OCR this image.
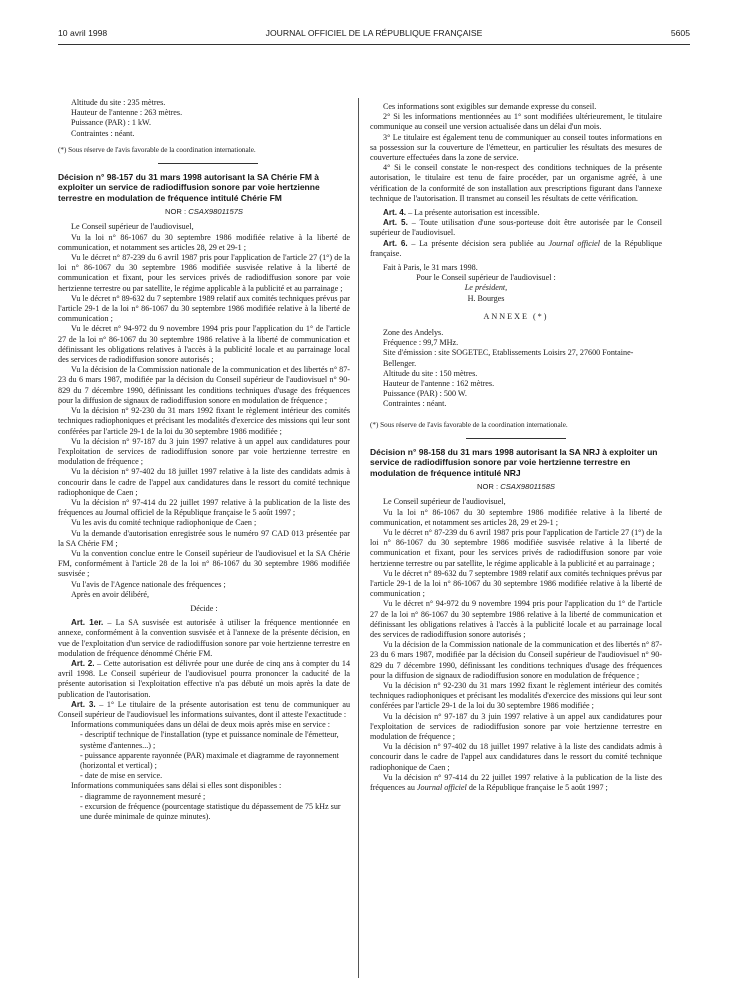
10 avril 1998	JOURNAL OFFICIEL DE LA RÉPUBLIQUE FRANÇAISE	5605
Altitude du site : 235 mètres.
Hauteur de l'antenne : 263 mètres.
Puissance (PAR) : 1 kW.
Contraintes : néant.

(*) Sous réserve de l'avis favorable de la coordination internationale.

Décision n° 98-157 du 31 mars 1998 autorisant la SA Chérie FM à exploiter un service de radiodiffusion sonore par voie hertzienne terrestre en modulation de fréquence intitulé Chérie FM

NOR : CSAX9801157S

Le Conseil supérieur de l'audiovisuel,

Vu la loi n° 86-1067 du 30 septembre 1986 modifiée relative à la liberté de communication, et notamment ses articles 28, 29 et 29-1 ;

Vu le décret n° 87-239 du 6 avril 1987 pris pour l'application de l'article 27 (1°) de la loi n° 86-1067 du 30 septembre 1986 modifiée susvisée relative à la liberté de communication et fixant, pour les services privés de radiodiffusion sonore par voie hertzienne terrestre ou par satellite, le régime applicable à la publicité et au parrainage ;

Vu le décret n° 89-632 du 7 septembre 1989 relatif aux comités techniques prévus par l'article 29-1 de la loi n° 86-1067 du 30 septembre 1986 modifiée relative à la liberté de communication ;

Vu le décret n° 94-972 du 9 novembre 1994 pris pour l'application du 1° de l'article 27 de la loi n° 86-1067 du 30 septembre 1986 relative à la liberté de communication et définissant les obligations relatives à l'accès à la publicité locale et au parrainage local des services de radiodiffusion sonore autorisés ;

Vu la décision de la Commission nationale de la communication et des libertés n° 87-23 du 6 mars 1987, modifiée par la décision du Conseil supérieur de l'audiovisuel n° 90-829 du 7 décembre 1990, définissant les conditions techniques d'usage des fréquences pour la diffusion de signaux de radiodiffusion sonore en modulation de fréquence ;

Vu la décision n° 92-230 du 31 mars 1992 fixant le règlement intérieur des comités techniques radiophoniques et précisant les modalités d'exercice des missions qui leur sont conférées par l'article 29-1 de la loi du 30 septembre 1986 modifiée ;

Vu la décision n° 97-187 du 3 juin 1997 relative à un appel aux candidatures pour l'exploitation de services de radiodiffusion sonore par voie hertzienne terrestre en modulation de fréquence ;

Vu la décision n° 97-402 du 18 juillet 1997 relative à la liste des candidats admis à concourir dans le cadre de l'appel aux candidatures dans le ressort du comité technique radiophonique de Caen ;

Vu la décision n° 97-414 du 22 juillet 1997 relative à la publication de la liste des fréquences au Journal officiel de la République française le 5 août 1997 ;

Vu les avis du comité technique radiophonique de Caen ;

Vu la demande d'autorisation enregistrée sous le numéro 97 CAD 013 présentée par la SA Chérie FM ;

Vu la convention conclue entre le Conseil supérieur de l'audiovisuel et la SA Chérie FM, conformément à l'article 28 de la loi n° 86-1067 du 30 septembre 1986 modifiée susvisée ;

Vu l'avis de l'Agence nationale des fréquences ;

Après en avoir délibéré,

Décide :

Art. 1er. – La SA susvisée est autorisée à utiliser la fréquence mentionnée en annexe, conformément à la convention susvisée et à l'annexe de la présente décision, en vue de l'exploitation d'un service de radiodiffusion sonore par voie hertzienne terrestre en modulation de fréquence dénommé Chérie FM.

Art. 2. – Cette autorisation est délivrée pour une durée de cinq ans à compter du 14 avril 1998. Le Conseil supérieur de l'audiovisuel pourra prononcer la caducité de la présente autorisation si l'exploitation effective n'a pas débuté un mois après la date de publication de l'autorisation.

Art. 3. – 1° Le titulaire de la présente autorisation est tenu de communiquer au Conseil supérieur de l'audiovisuel les informations suivantes, dont il atteste l'exactitude :

Informations communiquées dans un délai de deux mois après mise en service :

- descriptif technique de l'installation (type et puissance nominale de l'émetteur, système d'antennes...) ;
- puissance apparente rayonnée (PAR) maximale et diagramme de rayonnement (horizontal et vertical) ;
- date de mise en service.

Informations communiquées sans délai si elles sont disponibles :

- diagramme de rayonnement mesuré ;
- excursion de fréquence (pourcentage statistique du dépassement de 75 kHz sur une durée minimale de quinze minutes).

Ces informations sont exigibles sur demande expresse du conseil.

2° Si les informations mentionnées au 1° sont modifiées ultérieurement, le titulaire communique au conseil une version actualisée dans un délai d'un mois.

3° Le titulaire est également tenu de communiquer au conseil toutes informations en sa possession sur la couverture de l'émetteur, en particulier les résultats des mesures de couverture effectuées dans la zone de service.

4° Si le conseil constate le non-respect des conditions techniques de la présente autorisation, le titulaire est tenu de faire procéder, par un organisme agréé, à une vérification de la conformité de son installation aux prescriptions figurant dans l'annexe technique de l'autorisation. Il transmet au conseil les résultats de cette vérification.

Art. 4. – La présente autorisation est incessible.

Art. 5. – Toute utilisation d'une sous-porteuse doit être autorisée par le Conseil supérieur de l'audiovisuel.

Art. 6. – La présente décision sera publiée au Journal officiel de la République française.

Fait à Paris, le 31 mars 1998.

Pour le Conseil supérieur de l'audiovisuel :
Le président,
H. Bourges

ANNEXE (*)

Zone des Andelys.
Fréquence : 99,7 MHz.
Site d'émission : site SOGETEC, Etablissements Loisirs 27, 27600 Fontaine-Bellenger.
Altitude du site : 150 mètres.
Hauteur de l'antenne : 162 mètres.
Puissance (PAR) : 500 W.
Contraintes : néant.

(*) Sous réserve de l'avis favorable de la coordination internationale.

Décision n° 98-158 du 31 mars 1998 autorisant la SA NRJ à exploiter un service de radiodiffusion sonore par voie hertzienne terrestre en modulation de fréquence intitulé NRJ

NOR : CSAX9801158S

Le Conseil supérieur de l'audiovisuel,

Vu la loi n° 86-1067 du 30 septembre 1986 modifiée relative à la liberté de communication, et notamment ses articles 28, 29 et 29-1 ;

Vu le décret n° 87-239 du 6 avril 1987 pris pour l'application de l'article 27 (1°) de la loi n° 86-1067 du 30 septembre 1986 modifiée susvisée relative à la liberté de communication et fixant, pour les services privés de radiodiffusion sonore par voie hertzienne terrestre ou par satellite, le régime applicable à la publicité et au parrainage ;

Vu le décret n° 89-632 du 7 septembre 1989 relatif aux comités techniques prévus par l'article 29-1 de la loi n° 86-1067 du 30 septembre 1986 modifiée relative à la liberté de communication ;

Vu le décret n° 94-972 du 9 novembre 1994 pris pour l'application du 1° de l'article 27 de la loi n° 86-1067 du 30 septembre 1986 relative à la liberté de communication et définissant les obligations relatives à l'accès à la publicité locale et au parrainage local des services de radiodiffusion sonore autorisés ;

Vu la décision de la Commission nationale de la communication et des libertés n° 87-23 du 6 mars 1987, modifiée par la décision du Conseil supérieur de l'audiovisuel n° 90-829 du 7 décembre 1990, définissant les conditions techniques d'usage des fréquences pour la diffusion de signaux de radiodiffusion sonore en modulation de fréquence ;

Vu la décision n° 92-230 du 31 mars 1992 fixant le règlement intérieur des comités techniques radiophoniques et précisant les modalités d'exercice des missions qui leur sont conférées par l'article 29-1 de la loi du 30 septembre 1986 modifiée ;

Vu la décision n° 97-187 du 3 juin 1997 relative à un appel aux candidatures pour l'exploitation de services de radiodiffusion sonore par voie hertzienne terrestre en modulation de fréquence ;

Vu la décision n° 97-402 du 18 juillet 1997 relative à la liste des candidats admis à concourir dans le cadre de l'appel aux candidatures dans le ressort du comité technique radiophonique de Caen ;

Vu la décision n° 97-414 du 22 juillet 1997 relative à la publication de la liste des fréquences au Journal officiel de la République française le 5 août 1997 ;
